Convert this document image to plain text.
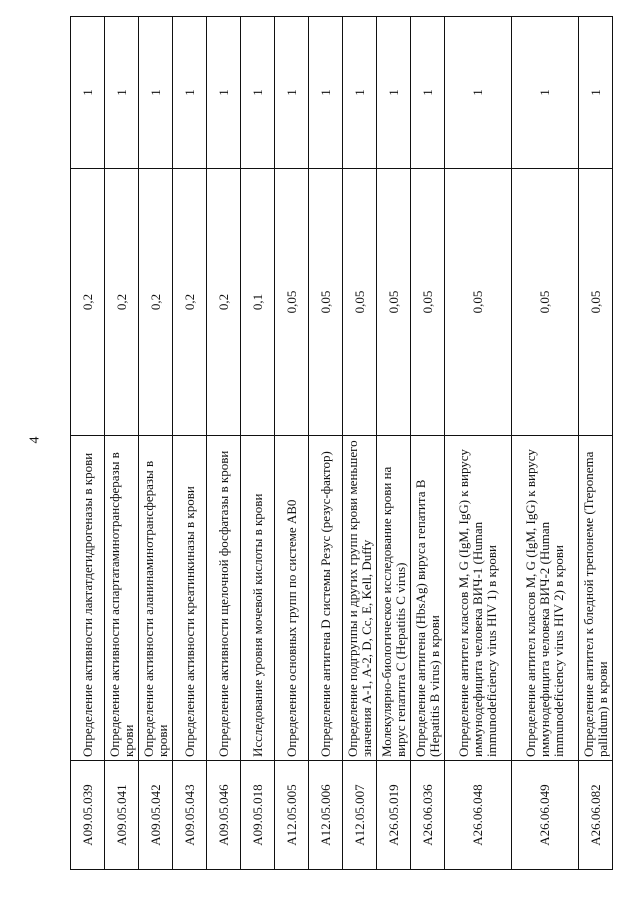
4
А09.05.039	Определение активности лактатдегидрогеназы в крови	0,2	1
А09.05.041	Определение активности аспартатаминотрансферазы в крови	0,2	1
А09.05.042	Определение активности аланинаминотрансферазы в крови	0,2	1
А09.05.043	Определение активности креатинкиназы в крови	0,2	1
А09.05.046	Определение активности щелочной фосфатазы в крови	0,2	1
А09.05.018	Исследование уровня мочевой кислоты в крови	0,1	1
А12.05.005	Определение основных групп по системе AB0	0,05	1
А12.05.006	Определение антигена D системы Резус (резус-фактор)	0,05	1
А12.05.007	Определение подгруппы и других групп крови меньшего значения А-1, А-2, D, Cc, E, Kell, Duffy	0,05	1
А26.05.019	Молекулярно-биологическое исследование крови на вирус гепатита С (Hepatitis C virus)	0,05	1
А26.06.036	Определение антигена (HbsAg) вируса гепатита В (Hepatitis B virus) в крови	0,05	1
А26.06.048	Определение антител классов М, G (IgM, IgG) к вирусу иммунодефицита человека ВИЧ-1 (Human immunodeficiency virus HIV 1) в крови	0,05	1
А26.06.049	Определение антител классов М, G (IgM, IgG) к вирусу иммунодефицита человека ВИЧ-2 (Human immunodeficiency virus HIV 2) в крови	0,05	1
А26.06.082	Определение антител к бледной трепонеме (Treponema pallidum) в крови	0,05	1
